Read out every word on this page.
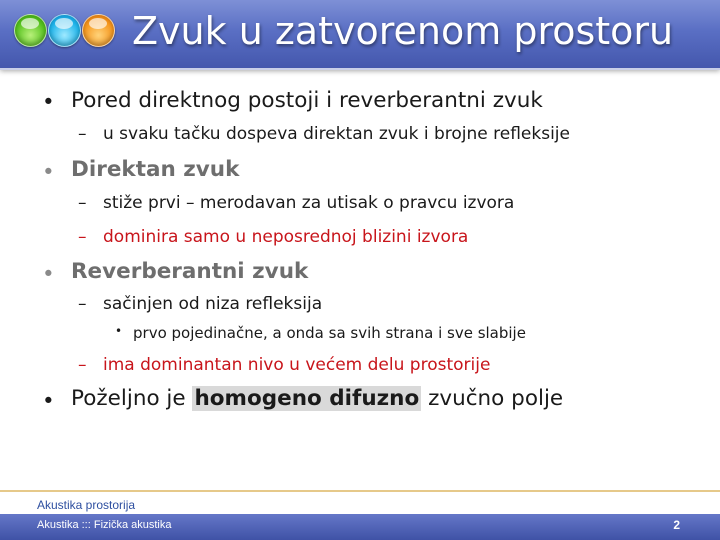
Zvuk u zatvorenom prostoru
• Pored direktnog postoji i reverberantni zvuk
– u svaku tačku dospeva direktan zvuk i brojne refleksije
• Direktan zvuk
– stiže prvi – merodavan za utisak o pravcu izvora
– dominira samo u neposrednoj blizini izvora
• Reverberantni zvuk
– sačinjen od niza refleksija
• prvo pojedinačne, a onda sa svih strana i sve slabije
– ima dominantan nivo u većem delu prostorije
• Poželjno je homogeno difuzno zvučno polje
Akustika prostorija
Akustika ::: Fizička akustika	2
